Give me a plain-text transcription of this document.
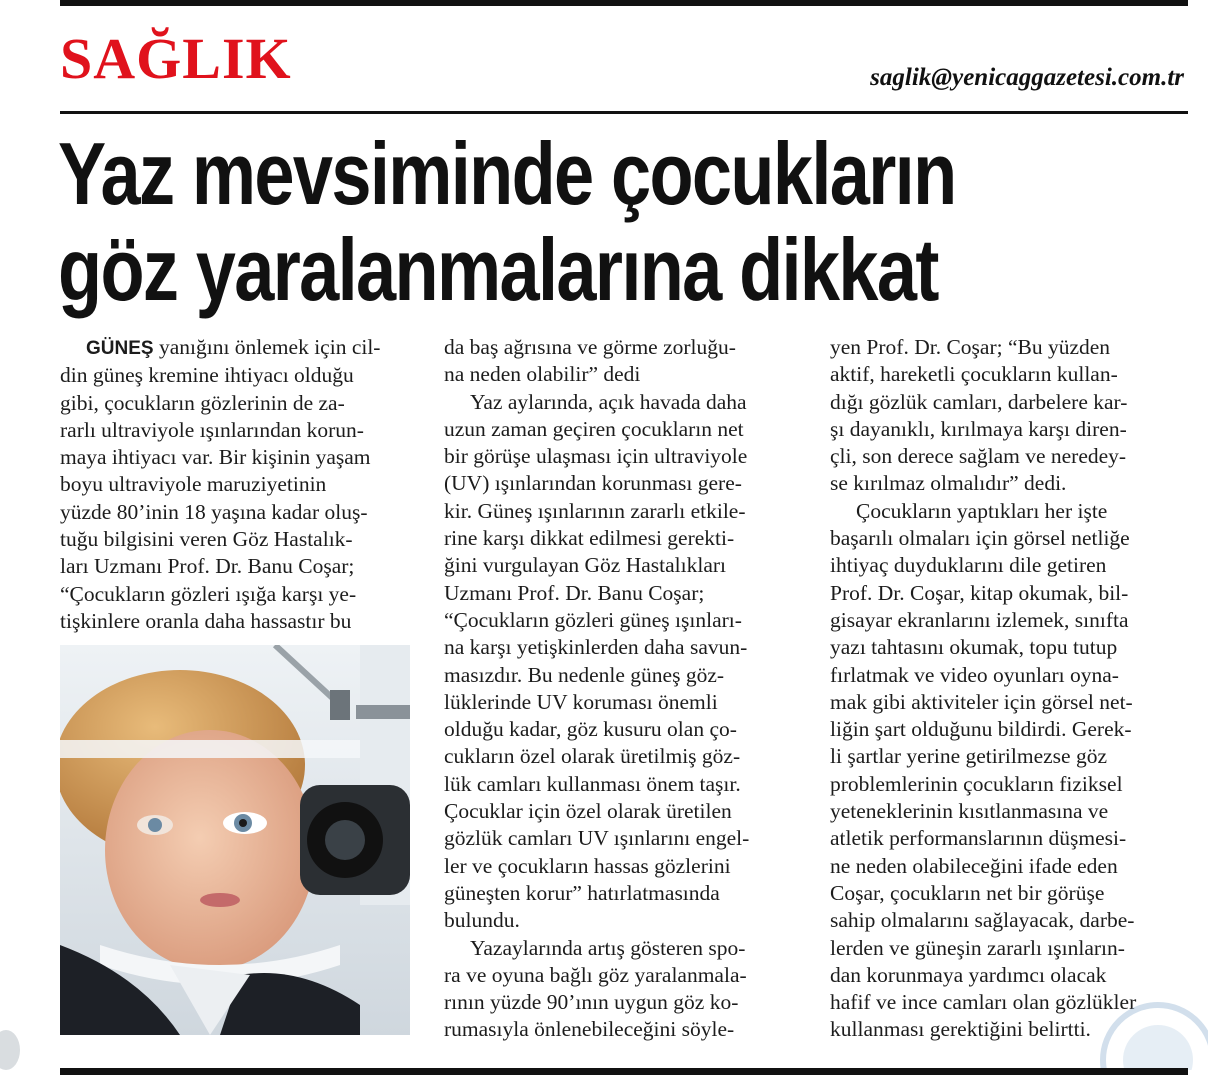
SAĞLIK	saglik@yenicaggazetesi.com.tr
Yaz mevsiminde çocukların
göz yaralanmalarına dikkat
GÜNEŞ yanığını önlemek için cil-
din güneş kremine ihtiyacı olduğu
gibi, çocukların gözlerinin de za-
rarlı ultraviyole ışınlarından korun-
maya ihtiyacı var. Bir kişinin yaşam
boyu ultraviyole maruziyetinin
yüzde 80’inin 18 yaşına kadar oluş-
tuğu bilgisini veren Göz Hastalık-
ları Uzmanı Prof. Dr. Banu Coşar;
“Çocukların gözleri ışığa karşı ye-
tişkinlere oranla daha hassastır bu
da baş ağrısına ve görme zorluğu-
na neden olabilir” dedi
Yaz aylarında, açık havada daha
uzun zaman geçiren çocukların net
bir görüşe ulaşması için ultraviyole
(UV) ışınlarından korunması gere-
kir. Güneş ışınlarının zararlı etkile-
rine karşı dikkat edilmesi gerekti-
ğini vurgulayan Göz Hastalıkları
Uzmanı Prof. Dr. Banu Coşar;
“Çocukların gözleri güneş ışınları-
na karşı yetişkinlerden daha savun-
masızdır. Bu nedenle güneş göz-
lüklerinde UV koruması önemli
olduğu kadar, göz kusuru olan ço-
cukların özel olarak üretilmiş göz-
lük camları kullanması önem taşır.
Çocuklar için özel olarak üretilen
gözlük camları UV ışınlarını engel-
ler ve çocukların hassas gözlerini
güneşten korur” hatırlatmasında
bulundu.
Yazaylarında artış gösteren spo-
ra ve oyuna bağlı göz yaralanmala-
rının yüzde 90’ının uygun göz ko-
rumasıyla önlenebileceğini söyle-
yen Prof. Dr. Coşar; “Bu yüzden
aktif, hareketli çocukların kullan-
dığı gözlük camları, darbelere kar-
şı dayanıklı, kırılmaya karşı diren-
çli, son derece sağlam ve neredey-
se kırılmaz olmalıdır” dedi.
Çocukların yaptıkları her işte
başarılı olmaları için görsel netliğe
ihtiyaç duyduklarını dile getiren
Prof. Dr. Coşar, kitap okumak, bil-
gisayar ekranlarını izlemek, sınıfta
yazı tahtasını okumak, topu tutup
fırlatmak ve video oyunları oyna-
mak gibi aktiviteler için görsel net-
liğin şart olduğunu bildirdi. Gerek-
li şartlar yerine getirilmezse göz
problemlerinin çocukların fiziksel
yeteneklerinin kısıtlanmasına ve
atletik performanslarının düşmesi-
ne neden olabileceğini ifade eden
Coşar, çocukların net bir görüşe
sahip olmalarını sağlayacak, darbe-
lerden ve güneşin zararlı ışınların-
dan korunmaya yardımcı olacak
hafif ve ince camları olan gözlükler
kullanması gerektiğini belirtti.
